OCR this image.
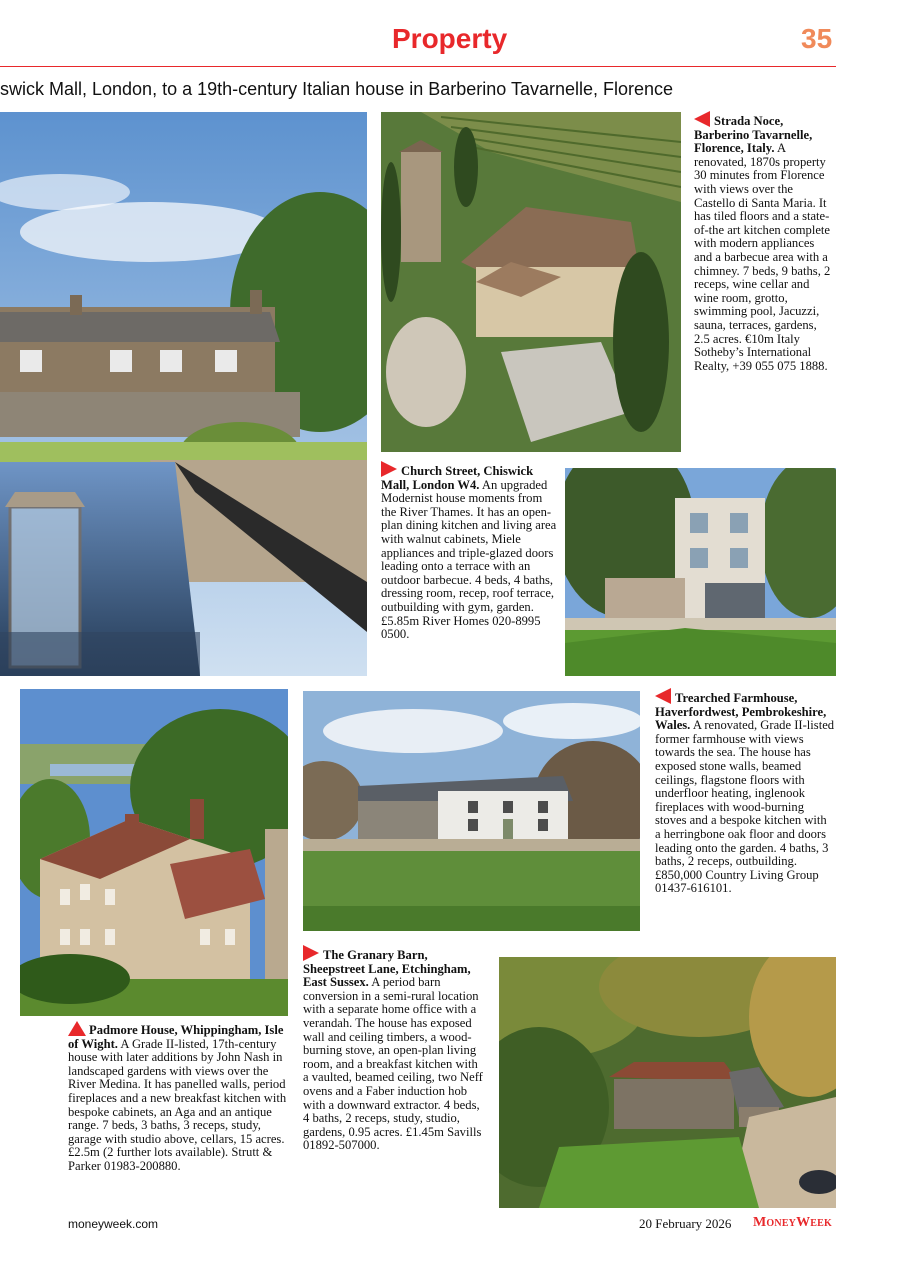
Property	35
swick Mall, London, to a 19th-century Italian house in Barberino Tavarnelle, Florence
Strada Noce, Barberino Tavarnelle, Florence, Italy. A renovated, 1870s property 30 minutes from Florence with views over the Castello di Santa Maria. It has tiled floors and a state-of-the art kitchen complete with modern appliances and a barbecue area with a chimney. 7 beds, 9 baths, 2 receps, wine cellar and wine room, grotto, swimming pool, Jacuzzi, sauna, terraces, gardens, 2.5 acres. €10m Italy Sotheby’s International Realty, +39 055 075 1888.
Church Street, Chiswick Mall, London W4. An upgraded Modernist house moments from the River Thames. It has an open-plan dining kitchen and living area with walnut cabinets, Miele appliances and triple-glazed doors leading onto a terrace with an outdoor barbecue. 4 beds, 4 baths, dressing room, recep, roof terrace, outbuilding with gym, garden. £5.85m River Homes 020-8995 0500.
Trearched Farmhouse, Haverfordwest, Pembrokeshire, Wales. A renovated, Grade II-listed former farmhouse with views towards the sea. The house has exposed stone walls, beamed ceilings, flagstone floors with underfloor heating, inglenook fireplaces with wood-burning stoves and a bespoke kitchen with a herringbone oak floor and doors leading onto the garden. 4 baths, 3 baths, 2 receps, outbuilding. £850,000 Country Living Group 01437-616101.
The Granary Barn, Sheepstreet Lane, Etchingham, East Sussex. A period barn conversion in a semi-rural location with a separate home office with a verandah. The house has exposed wall and ceiling timbers, a wood-burning stove, an open-plan living room, and a breakfast kitchen with a vaulted, beamed ceiling, two Neff ovens and a Faber induction hob with a downward extractor. 4 beds, 4 baths, 2 receps, study, studio, gardens, 0.95 acres. £1.45m Savills 01892-507000.
Padmore House, Whippingham, Isle of Wight. A Grade II-listed, 17th-century house with later additions by John Nash in landscaped gardens with views over the River Medina. It has panelled walls, period fireplaces and a new breakfast kitchen with bespoke cabinets, an Aga and an antique range. 7 beds, 3 baths, 3 receps, study, garage with studio above, cellars, 15 acres. £2.5m (2 further lots available). Strutt & Parker 01983-200880.
moneyweek.com	20 February 2026 MoneyWeek
